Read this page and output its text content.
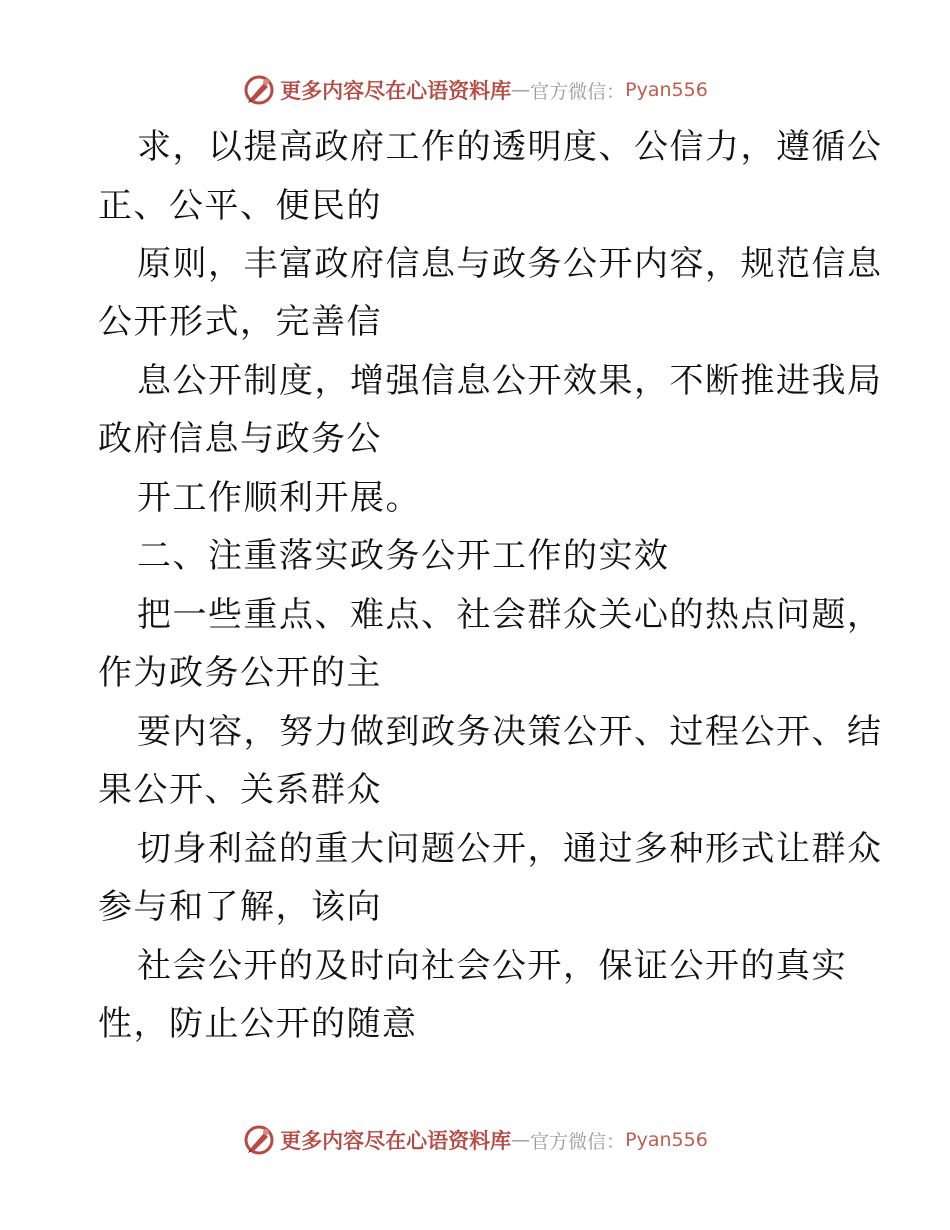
更多内容尽在心语资料库 — 官方微信： Pyan556
求，以提高政府工作的透明度、公信力，遵循公
正、公平、便民的
原则，丰富政府信息与政务公开内容，规范信息
公开形式，完善信
息公开制度，增强信息公开效果，不断推进我局
政府信息与政务公
开工作顺利开展。
二、注重落实政务公开工作的实效
把一些重点、难点、社会群众关心的热点问题，
作为政务公开的主
要内容，努力做到政务决策公开、过程公开、结
果公开、关系群众
切身利益的重大问题公开，通过多种形式让群众
参与和了解，该向
社会公开的及时向社会公开，保证公开的真实
性，防止公开的随意
更多内容尽在心语资料库 — 官方微信： Pyan556
